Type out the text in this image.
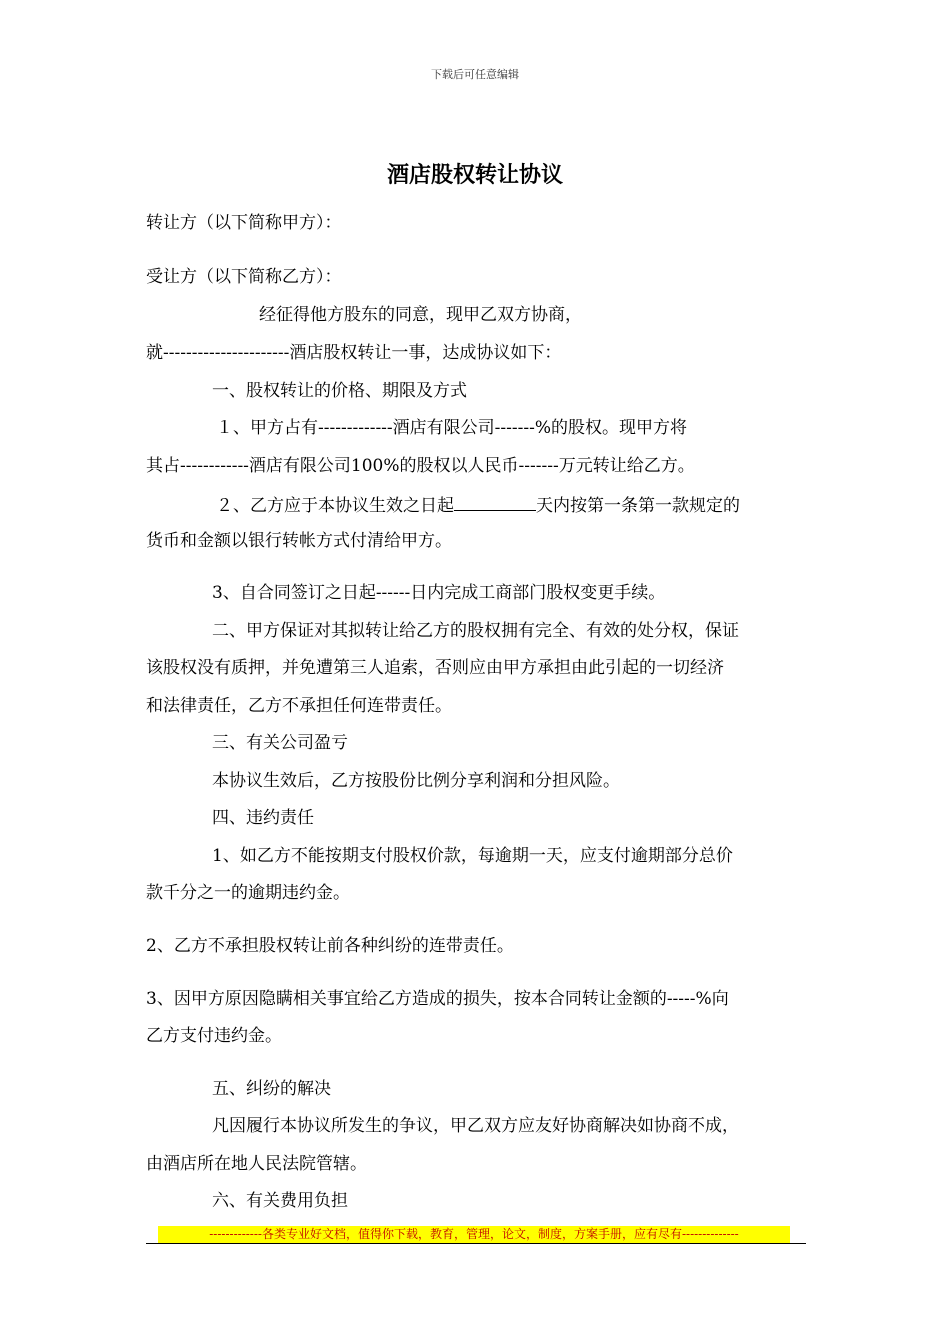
下载后可任意编辑
酒店股权转让协议
转让方（以下简称甲方）：
受让方（以下简称乙方）：
经征得他方股东的同意，现甲乙双方协商，
就----------------------酒店股权转让一事，达成协议如下：
一、股权转让的价格、期限及方式
１、甲方占有-------------酒店有限公司-------%的股权。现甲方将
其占------------酒店有限公司100%的股权以人民币-------万元转让给乙方。
２、乙方应于本协议生效之日起	天内按第一条第一款规定的
货币和金额以银行转帐方式付清给甲方。
3、自合同签订之日起------日内完成工商部门股权变更手续。
二、甲方保证对其拟转让给乙方的股权拥有完全、有效的处分权，保证
该股权没有质押，并免遭第三人追索，否则应由甲方承担由此引起的一切经济
和法律责任，乙方不承担任何连带责任。
三、有关公司盈亏
本协议生效后，乙方按股份比例分享利润和分担风险。
四、违约责任
1、如乙方不能按期支付股权价款，每逾期一天，应支付逾期部分总价
款千分之一的逾期违约金。
2、乙方不承担股权转让前各种纠纷的连带责任。
3、因甲方原因隐瞒相关事宜给乙方造成的损失，按本合同转让金额的-----%向
乙方支付违约金。
五、纠纷的解决
凡因履行本协议所发生的争议，甲乙双方应友好协商解决如协商不成，
由酒店所在地人民法院管辖。
六、有关费用负担
-------------各类专业好文档，值得你下载，教育，管理，论文，制度，方案手册，应有尽有--------------
